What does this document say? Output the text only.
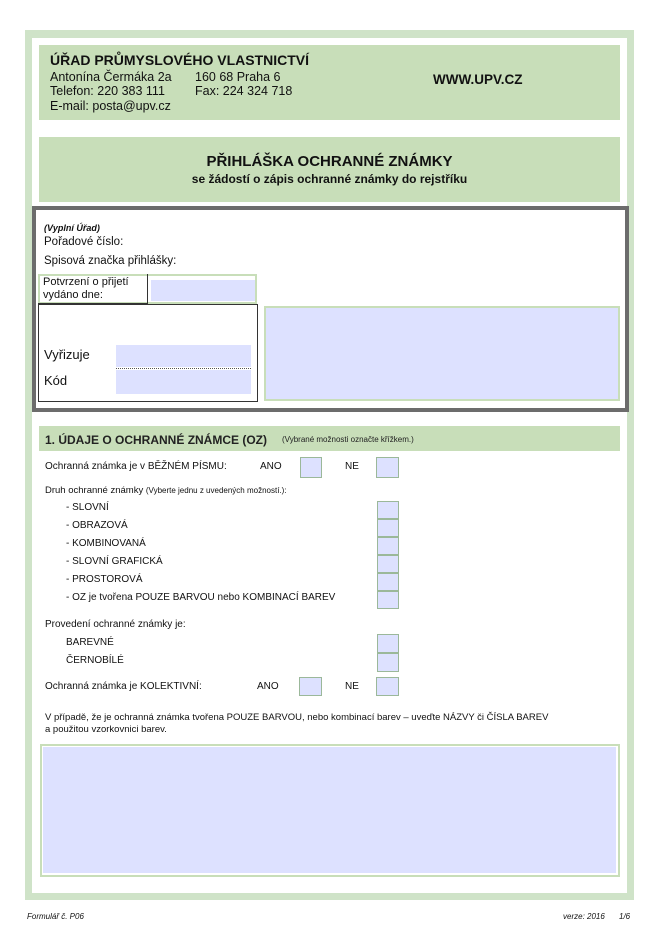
ÚŘAD PRŮMYSLOVÉHO VLASTNICTVÍ
Antonína Čermáka 2a 160 68 Praha 6
Telefon: 220 383 111 Fax: 224 324 718
E-mail: posta@upv.cz
WWW.UPV.CZ
PŘIHLÁŠKA OCHRANNÉ ZNÁMKY
se žádostí o zápis ochranné známky do rejstříku
(Vyplní Úřad)
Pořadové číslo:
Spisová značka přihlášky:
Potvrzení o přijetí
vydáno dne:
Vyřizuje
Kód
1. ÚDAJE O OCHRANNÉ ZNÁMCE (OZ) (Vybrané možnosti označte křížkem.)
Ochranná známka je v BĚŽNÉM PÍSMU:	ANO	NE
Druh ochranné známky (Vyberte jednu z uvedených možností.):
- SLOVNÍ
- OBRAZOVÁ
- KOMBINOVANÁ
- SLOVNÍ GRAFICKÁ
- PROSTOROVÁ
- OZ je tvořena POUZE BARVOU nebo KOMBINACÍ BAREV
Provedení ochranné známky je:
BAREVNÉ
ČERNOBÍLÉ
Ochranná známka je KOLEKTIVNÍ:	ANO	NE
V případě, že je ochranná známka tvořena POUZE BARVOU, nebo kombinací barev – uveďte NÁZVY či ČÍSLA BAREV
a použitou vzorkovnici barev.
Formulář č. P06	verze: 2016 1/6
